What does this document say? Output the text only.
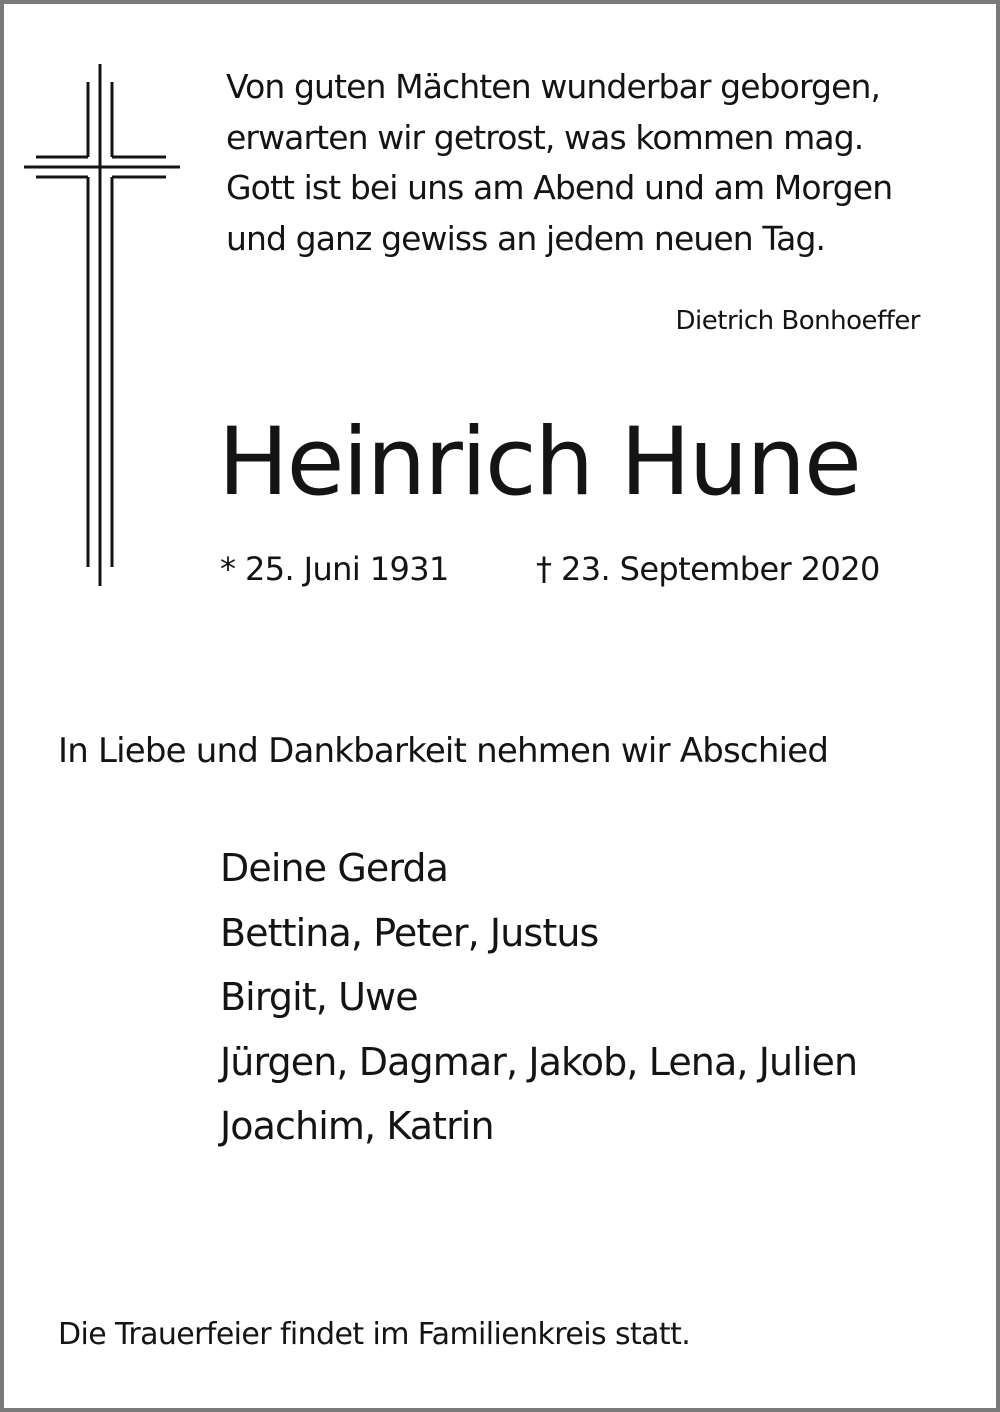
Von guten Mächten wunderbar geborgen,
erwarten wir getrost, was kommen mag.
Gott ist bei uns am Abend und am Morgen
und ganz gewiss an jedem neuen Tag.

Dietrich Bonhoeffer
Heinrich Hune
* 25. Juni 1931	† 23. September 2020
In Liebe und Dankbarkeit nehmen wir Abschied
Deine Gerda
Bettina, Peter, Justus
Birgit, Uwe
Jürgen, Dagmar, Jakob, Lena, Julien
Joachim, Katrin
Die Trauerfeier findet im Familienkreis statt.
